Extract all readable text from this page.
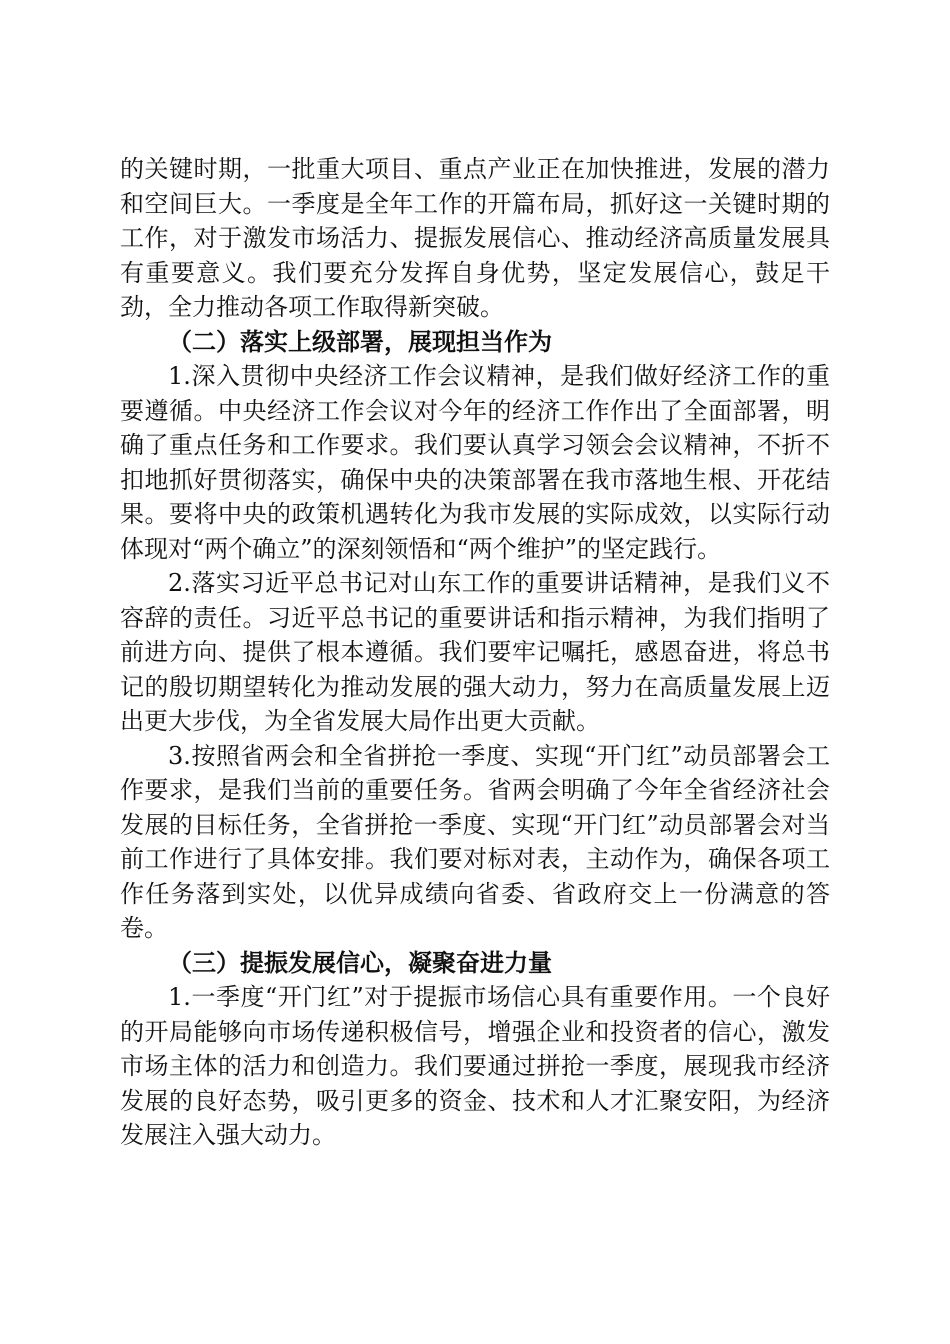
的关键时期，一批重大项目、重点产业正在加快推进，发展的潜力和空间巨大。一季度是全年工作的开篇布局，抓好这一关键时期的工作，对于激发市场活力、提振发展信心、推动经济高质量发展具有重要意义。我们要充分发挥自身优势，坚定发展信心，鼓足干劲，全力推动各项工作取得新突破。

（二）落实上级部署，展现担当作为

1.深入贯彻中央经济工作会议精神，是我们做好经济工作的重要遵循。中央经济工作会议对今年的经济工作作出了全面部署，明确了重点任务和工作要求。我们要认真学习领会会议精神，不折不扣地抓好贯彻落实，确保中央的决策部署在我市落地生根、开花结果。要将中央的政策机遇转化为我市发展的实际成效，以实际行动体现对“两个确立”的深刻领悟和“两个维护”的坚定践行。

2.落实习近平总书记对山东工作的重要讲话精神，是我们义不容辞的责任。习近平总书记的重要讲话和指示精神，为我们指明了前进方向、提供了根本遵循。我们要牢记嘱托，感恩奋进，将总书记的殷切期望转化为推动发展的强大动力，努力在高质量发展上迈出更大步伐，为全省发展大局作出更大贡献。

3.按照省两会和全省拼抢一季度、实现“开门红”动员部署会工作要求，是我们当前的重要任务。省两会明确了今年全省经济社会发展的目标任务，全省拼抢一季度、实现“开门红”动员部署会对当前工作进行了具体安排。我们要对标对表，主动作为，确保各项工作任务落到实处，以优异成绩向省委、省政府交上一份满意的答卷。

（三）提振发展信心，凝聚奋进力量

1.一季度“开门红”对于提振市场信心具有重要作用。一个良好的开局能够向市场传递积极信号，增强企业和投资者的信心，激发市场主体的活力和创造力。我们要通过拼抢一季度，展现我市经济发展的良好态势，吸引更多的资金、技术和人才汇聚安阳，为经济发展注入强大动力。
